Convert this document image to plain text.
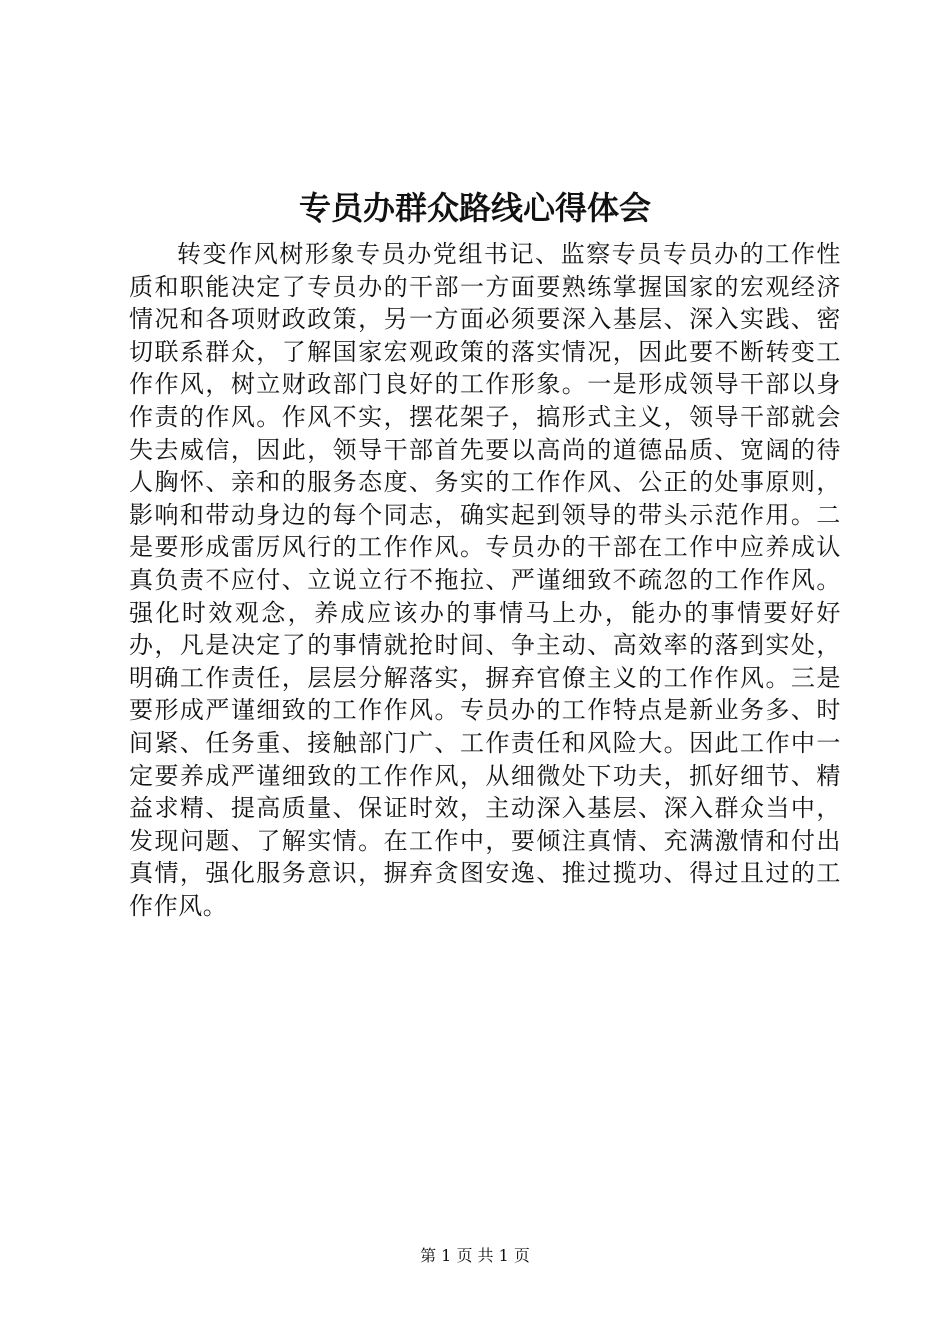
专员办群众路线心得体会

转变作风树形象专员办党组书记、监察专员专员办的工作性质和职能决定了专员办的干部一方面要熟练掌握国家的宏观经济情况和各项财政政策，另一方面必须要深入基层、深入实践、密切联系群众，了解国家宏观政策的落实情况，因此要不断转变工作作风，树立财政部门良好的工作形象。一是形成领导干部以身作责的作风。作风不实，摆花架子，搞形式主义，领导干部就会失去威信，因此，领导干部首先要以高尚的道德品质、宽阔的待人胸怀、亲和的服务态度、务实的工作作风、公正的处事原则，影响和带动身边的每个同志，确实起到领导的带头示范作用。二是要形成雷厉风行的工作作风。专员办的干部在工作中应养成认真负责不应付、立说立行不拖拉、严谨细致不疏忽的工作作风。强化时效观念，养成应该办的事情马上办，能办的事情要好好办，凡是决定了的事情就抢时间、争主动、高效率的落到实处，明确工作责任，层层分解落实，摒弃官僚主义的工作作风。三是要形成严谨细致的工作作风。专员办的工作特点是新业务多、时间紧、任务重、接触部门广、工作责任和风险大。因此工作中一定要养成严谨细致的工作作风，从细微处下功夫，抓好细节、精益求精、提高质量、保证时效，主动深入基层、深入群众当中，发现问题、了解实情。在工作中，要倾注真情、充满激情和付出真情，强化服务意识，摒弃贪图安逸、推过揽功、得过且过的工作作风。

第 1 页 共 1 页
